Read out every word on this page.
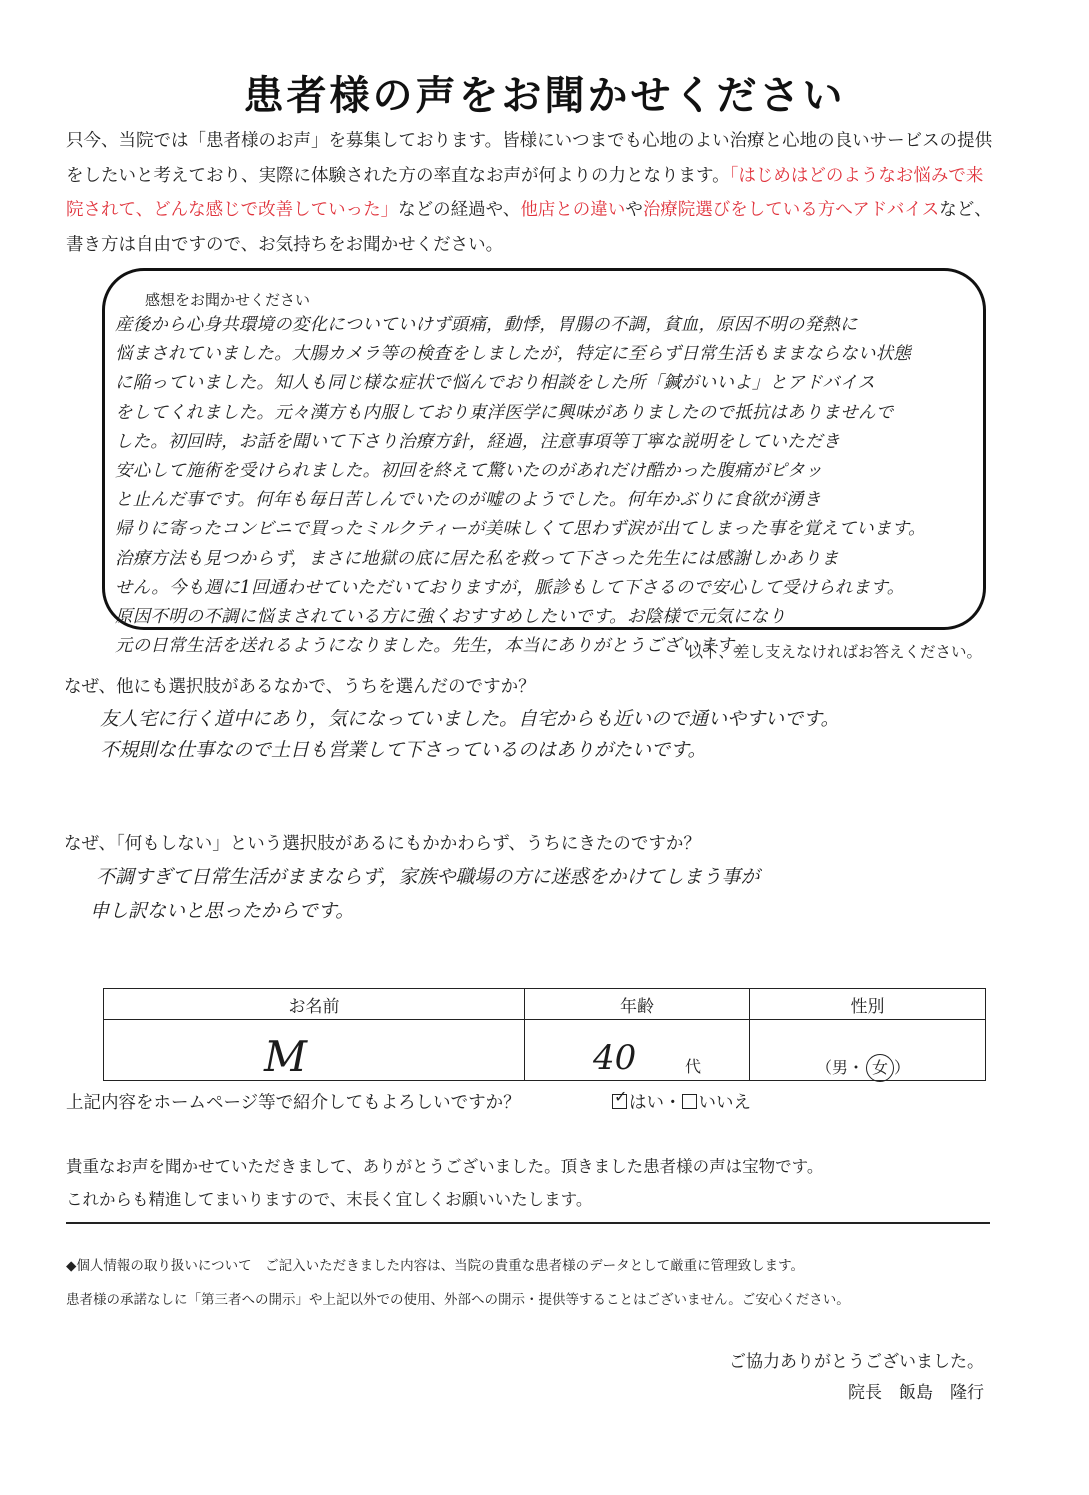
患者様の声をお聞かせください
只今、当院では「患者様のお声」を募集しております。皆様にいつまでも心地のよい治療と心地の良いサービスの提供をしたいと考えており、実際に体験された方の率直なお声が何よりの力となります。「はじめはどのようなお悩みで来院されて、どんな感じで改善していった」などの経過や、他店との違いや治療院選びをしている方へアドバイスなど、書き方は自由ですので、お気持ちをお聞かせください。
感想をお聞かせください
産後から心身共環境の変化についていけず頭痛，動悸，胃腸の不調，貧血，原因不明の発熱に
悩まされていました。大腸カメラ等の検査をしましたが，特定に至らず日常生活もままならない状態
に陥っていました。知人も同じ様な症状で悩んでおり相談をした所「鍼がいいよ」とアドバイス
をしてくれました。元々漢方も内服しており東洋医学に興味がありましたので抵抗はありませんで
した。初回時，お話を聞いて下さり治療方針，経過，注意事項等丁寧な説明をしていただき
安心して施術を受けられました。初回を終えて驚いたのがあれだけ酷かった腹痛がピタッ
と止んだ事です。何年も毎日苦しんでいたのが嘘のようでした。何年かぶりに食欲が湧き
帰りに寄ったコンビニで買ったミルクティーが美味しくて思わず涙が出てしまった事を覚えています。
治療方法も見つからず，まさに地獄の底に居た私を救って下さった先生には感謝しかありま
せん。今も週に1回通わせていただいておりますが，脈診もして下さるので安心して受けられます。
原因不明の不調に悩まされている方に強くおすすめしたいです。お陰様で元気になり
元の日常生活を送れるようになりました。先生，本当にありがとうございます。
以下、差し支えなければお答えください。
なぜ、他にも選択肢があるなかで、うちを選んだのですか？
友人宅に行く道中にあり，気になっていました。自宅からも近いので通いやすいです。
不規則な仕事なので土日も営業して下さっているのはありがたいです。
なぜ、「何もしない」という選択肢があるにもかかわらず、うちにきたのですか？
不調すぎて日常生活がままならず，家族や職場の方に迷惑をかけてしまう事が
申し訳ないと思ったからです。
お名前	年齢	性別

M	40 代	（男・ 女 ）
上記内容をホームページ等で紹介してもよろしいですか？	✓ はい・ いいえ
貴重なお声を聞かせていただきまして、ありがとうございました。頂きました患者様の声は宝物です。
これからも精進してまいりますので、末長く宜しくお願いいたします。
◆個人情報の取り扱いについて　ご記入いただきました内容は、当院の貴重な患者様のデータとして厳重に管理致します。
患者様の承諾なしに「第三者への開示」や上記以外での使用、外部への開示・提供等することはございません。ご安心ください。
ご協力ありがとうございました。
院長　飯島　隆行
